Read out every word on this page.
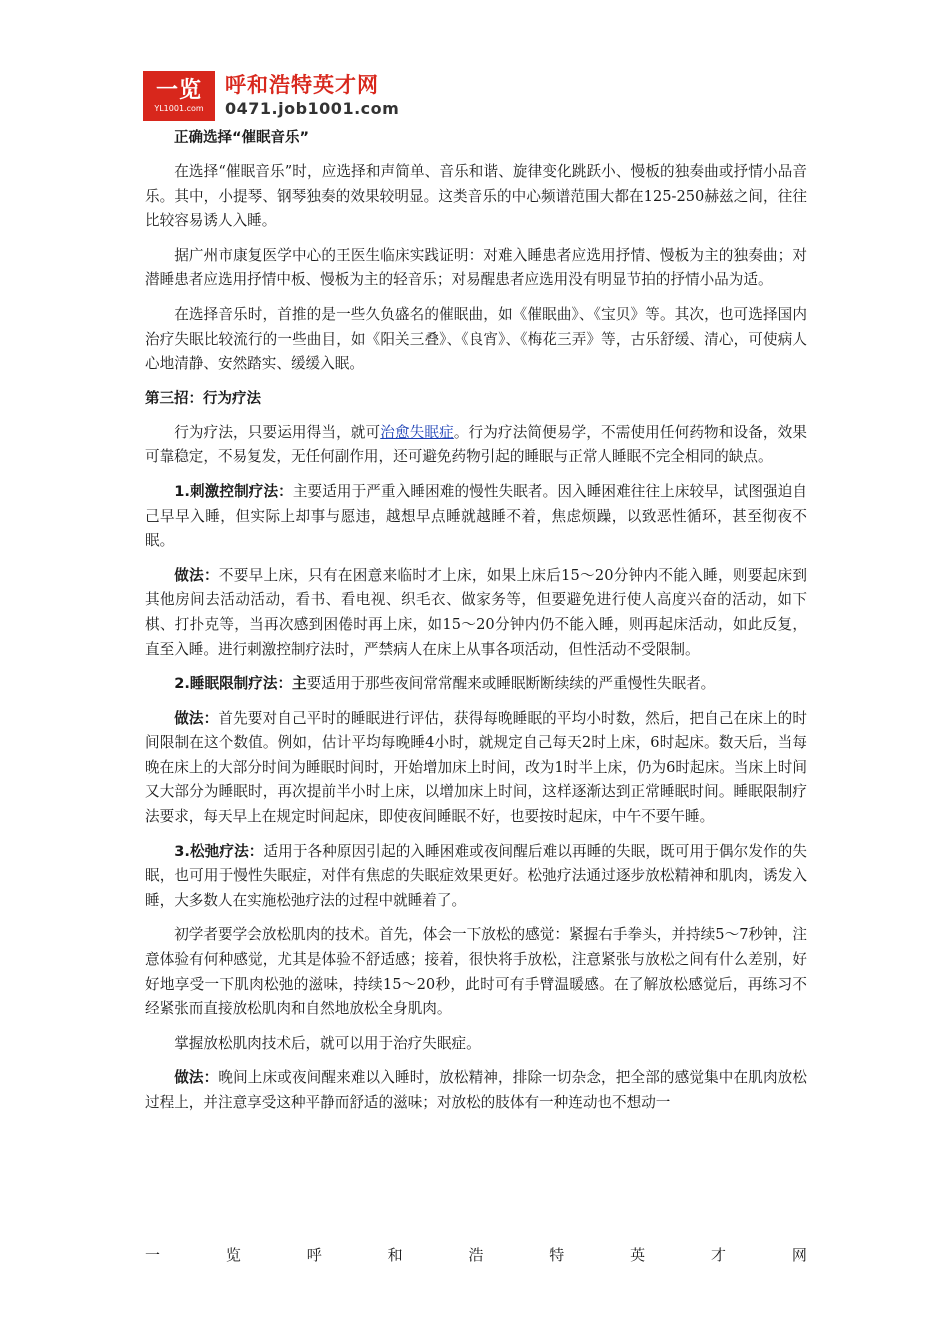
一览
YL1001.com
呼和浩特英才网
0471.job1001.com
正确选择“催眠音乐”

在选择“催眠音乐”时，应选择和声简单、音乐和谐、旋律变化跳跃小、慢板的独奏曲或抒情小品音乐。其中，小提琴、钢琴独奏的效果较明显。这类音乐的中心频谱范围大都在125-250赫兹之间，往往比较容易诱人入睡。

据广州市康复医学中心的王医生临床实践证明：对难入睡患者应选用抒情、慢板为主的独奏曲；对潜睡患者应选用抒情中板、慢板为主的轻音乐；对易醒患者应选用没有明显节拍的抒情小品为适。

在选择音乐时，首推的是一些久负盛名的催眠曲，如《催眠曲》、《宝贝》等。其次，也可选择国内治疗失眠比较流行的一些曲目，如《阳关三叠》、《良宵》、《梅花三弄》等，古乐舒缓、清心，可使病人心地清静、安然踏实、缓缓入眠。

第三招：行为疗法

行为疗法，只要运用得当，就可治愈失眠症。行为疗法简便易学，不需使用任何药物和设备，效果可靠稳定，不易复发，无任何副作用，还可避免药物引起的睡眠与正常人睡眠不完全相同的缺点。

1.刺激控制疗法：主要适用于严重入睡困难的慢性失眠者。因入睡困难往往上床较早，试图强迫自己早早入睡，但实际上却事与愿违，越想早点睡就越睡不着，焦虑烦躁，以致恶性循环，甚至彻夜不眠。

做法：不要早上床，只有在困意来临时才上床，如果上床后15～20分钟内不能入睡，则要起床到其他房间去活动活动，看书、看电视、织毛衣、做家务等，但要避免进行使人高度兴奋的活动，如下棋、打扑克等，当再次感到困倦时再上床，如15～20分钟内仍不能入睡，则再起床活动，如此反复，直至入睡。进行刺激控制疗法时，严禁病人在床上从事各项活动，但性活动不受限制。

2.睡眠限制疗法：主要适用于那些夜间常常醒来或睡眠断断续续的严重慢性失眠者。

做法：首先要对自己平时的睡眠进行评估，获得每晚睡眠的平均小时数，然后，把自己在床上的时间限制在这个数值。例如，估计平均每晚睡4小时，就规定自己每天2时上床，6时起床。数天后，当每晚在床上的大部分时间为睡眠时间时，开始增加床上时间，改为1时半上床，仍为6时起床。当床上时间又大部分为睡眠时，再次提前半小时上床，以增加床上时间，这样逐渐达到正常睡眠时间。睡眠限制疗法要求，每天早上在规定时间起床，即使夜间睡眠不好，也要按时起床，中午不要午睡。

3.松弛疗法：适用于各种原因引起的入睡困难或夜间醒后难以再睡的失眠，既可用于偶尔发作的失眠，也可用于慢性失眠症，对伴有焦虑的失眠症效果更好。松弛疗法通过逐步放松精神和肌肉，诱发入睡，大多数人在实施松弛疗法的过程中就睡着了。

初学者要学会放松肌肉的技术。首先，体会一下放松的感觉：紧握右手拳头，并持续5～7秒钟，注意体验有何种感觉，尤其是体验不舒适感；接着，很快将手放松，注意紧张与放松之间有什么差别，好好地享受一下肌肉松弛的滋味，持续15～20秒，此时可有手臂温暖感。在了解放松感觉后，再练习不经紧张而直接放松肌肉和自然地放松全身肌肉。

掌握放松肌肉技术后，就可以用于治疗失眠症。

做法：晚间上床或夜间醒来难以入睡时，放松精神，排除一切杂念，把全部的感觉集中在肌肉放松过程上，并注意享受这种平静而舒适的滋味；对放松的肢体有一种连动也不想动一

一	览	呼	和	浩	特	英	才	网
